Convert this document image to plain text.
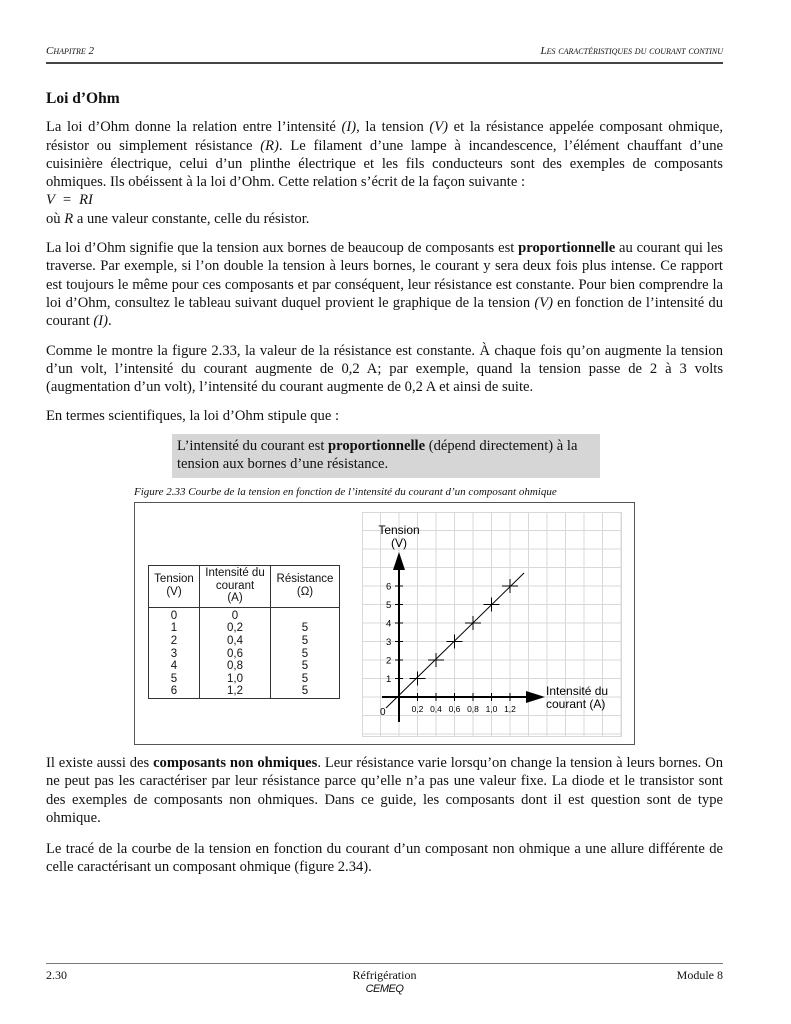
Chapitre 2	Les caractéristiques du courant continu
Loi d’Ohm

La loi d’Ohm donne la relation entre l’intensité (I), la tension (V) et la résistance appelée composant ohmique, résistor ou simplement résistance (R). Le filament d’une lampe à incandescence, l’élément chauffant d’une cuisinière électrique, celui d’un plinthe électrique et les fils conducteurs sont des exemples de composants ohmiques. Ils obéissent à la loi d’Ohm. Cette relation s’écrit de la façon suivante :

V  =  RI

où R a une valeur constante, celle du résistor.

La loi d’Ohm signifie que la tension aux bornes de beaucoup de composants est proportionnelle au courant qui les traverse. Par exemple, si l’on double la tension à leurs bornes, le courant y sera deux fois plus intense. Ce rapport est toujours le même pour ces composants et par conséquent, leur résistance est constante. Pour bien comprendre la loi d’Ohm, consultez le tableau suivant duquel provient le graphique de la tension (V) en fonction de l’intensité du courant (I).

Comme le montre la figure 2.33, la valeur de la résistance est constante. À chaque fois qu’on augmente la tension d’un volt, l’intensité du courant augmente de 0,2 A; par exemple, quand la tension passe de 2 à 3 volts (augmentation d’un volt), l’intensité du courant augmente de 0,2 A et ainsi de suite.

En termes scientifiques, la loi d’Ohm stipule que :

L’intensité du courant est proportionnelle (dépend directement) à la tension aux bornes d’une résistance.
Figure 2.33 Courbe de la tension en fonction de l’intensité du courant d’un composant ohmique
Tension
(V)

Intensité du
courant
(A)

Résistance
(Ω)

0	0	
1	0,2	5
2	0,4	5
3	0,6	5
4	0,8	5
5	1,0	5
6	1,2	5
1
2
3
4
5
6
0,2 0,4 0,6 0,8 1,0 1,2
Tension
(V)
Intensité du
courant (A)
0

Il existe aussi des composants non ohmiques. Leur résistance varie lorsqu’on change la tension à leurs bornes. On ne peut pas les caractériser par leur résistance parce qu’elle n’a pas une valeur fixe. La diode et le transistor sont des exemples de composants non ohmiques. Dans ce guide, les composants dont il est question sont de type ohmique.

Le tracé de la courbe de la tension en fonction du courant d’un composant non ohmique a une allure différente de celle caractérisant un composant ohmique (figure 2.34).

2.30	Réfrigération	Module 8
CEMEQ
